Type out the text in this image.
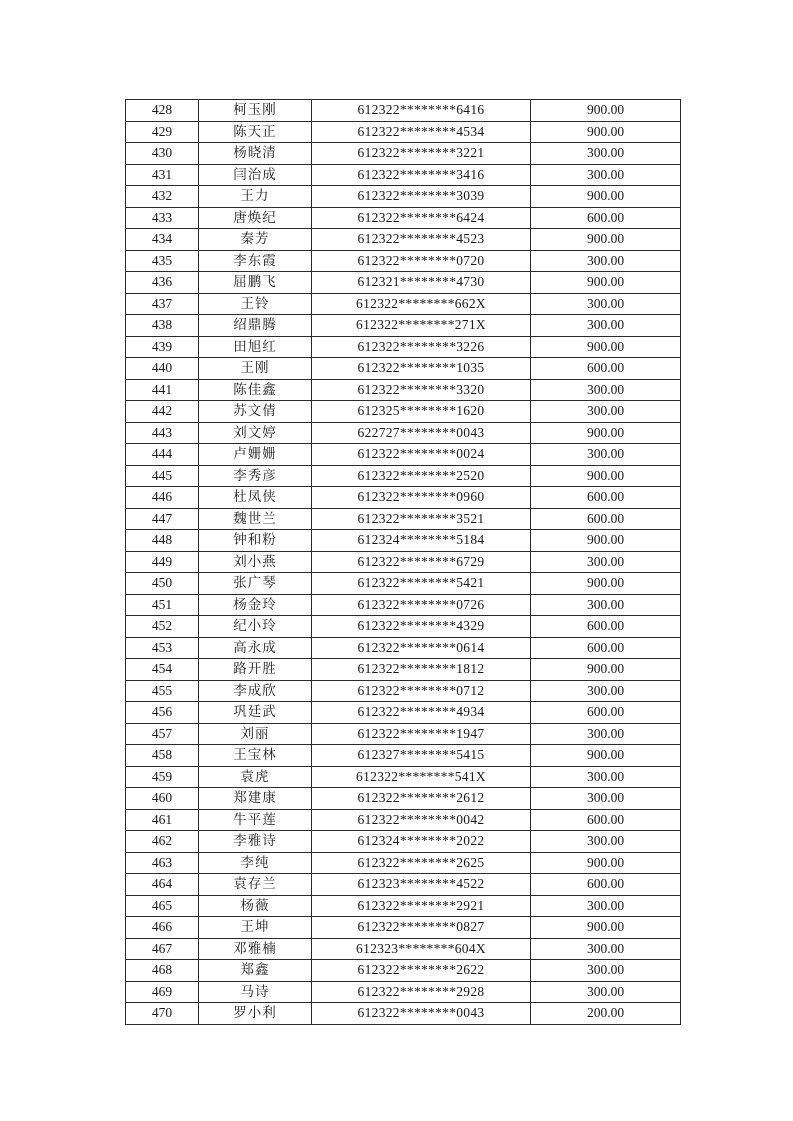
428	柯玉刚	612322********6416	900.00
429	陈天正	612322********4534	900.00
430	杨晓清	612322********3221	300.00
431	闫治成	612322********3416	300.00
432	王力	612322********3039	900.00
433	唐焕纪	612322********6424	600.00
434	秦芳	612322********4523	900.00
435	李东霞	612322********0720	300.00
436	屈鹏飞	612321********4730	900.00
437	王铃	612322********662X	300.00
438	绍鼎腾	612322********271X	300.00
439	田旭红	612322********3226	900.00
440	王刚	612322********1035	600.00
441	陈佳鑫	612322********3320	300.00
442	苏文倩	612325********1620	300.00
443	刘文婷	622727********0043	900.00
444	卢姗姗	612322********0024	300.00
445	李秀彦	612322********2520	900.00
446	杜凤侠	612322********0960	600.00
447	魏世兰	612322********3521	600.00
448	钟和粉	612324********5184	900.00
449	刘小燕	612322********6729	300.00
450	张广琴	612322********5421	900.00
451	杨金玲	612322********0726	300.00
452	纪小玲	612322********4329	600.00
453	高永成	612322********0614	600.00
454	路开胜	612322********1812	900.00
455	李成欣	612322********0712	300.00
456	巩廷武	612322********4934	600.00
457	刘丽	612322********1947	300.00
458	王宝林	612327********5415	900.00
459	袁虎	612322********541X	300.00
460	郑建康	612322********2612	300.00
461	牛平莲	612322********0042	600.00
462	李雅诗	612324********2022	300.00
463	李纯	612322********2625	900.00
464	袁存兰	612323********4522	600.00
465	杨薇	612322********2921	300.00
466	王坤	612322********0827	900.00
467	邓雅楠	612323********604X	300.00
468	郑鑫	612322********2622	300.00
469	马诗	612322********2928	300.00
470	罗小利	612322********0043	200.00
